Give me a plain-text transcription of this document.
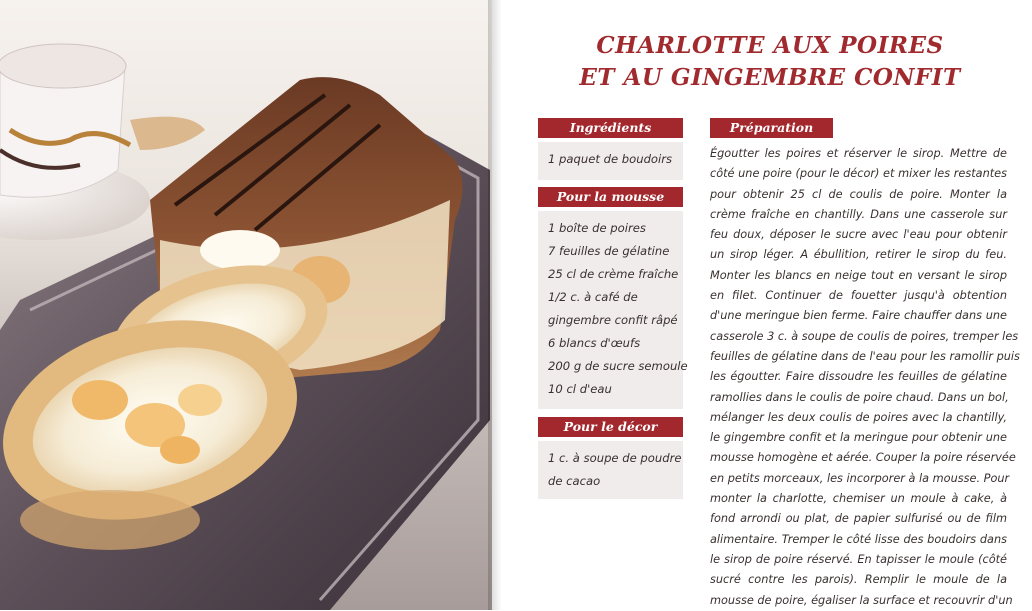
CHARLOTTE AUX POIRES
ET AU GINGEMBRE CONFIT
Ingrédients
1 paquet de boudoirs
Pour la mousse
1 boîte de poires
7 feuilles de gélatine
25 cl de crème fraîche
1/2 c. à café de
gingembre confit râpé
6 blancs d'œufs
200 g de sucre semoule
10 cl d'eau
Pour le décor
1 c. à soupe de poudre
de cacao
Préparation
Égoutter les poires et réserver le sirop. Mettre de
côté une poire (pour le décor) et mixer les restantes
pour obtenir 25 cl de coulis de poire. Monter la
crème fraîche en chantilly. Dans une casserole sur
feu doux, déposer le sucre avec l'eau pour obtenir
un sirop léger. A ébullition, retirer le sirop du feu.
Monter les blancs en neige tout en versant le sirop
en filet. Continuer de fouetter jusqu'à obtention
d'une meringue bien ferme. Faire chauffer dans une
casserole 3 c. à soupe de coulis de poires, tremper les
feuilles de gélatine dans de l'eau pour les ramollir puis
les égoutter. Faire dissoudre les feuilles de gélatine
ramollies dans le coulis de poire chaud. Dans un bol,
mélanger les deux coulis de poires avec la chantilly,
le gingembre confit et la meringue pour obtenir une
mousse homogène et aérée. Couper la poire réservée
en petits morceaux, les incorporer à la mousse. Pour
monter la charlotte, chemiser un moule à cake, à
fond arrondi ou plat, de papier sulfurisé ou de film
alimentaire. Tremper le côté lisse des boudoirs dans
le sirop de poire réservé. En tapisser le moule (côté
sucré contre les parois). Remplir le moule de la
mousse de poire, égaliser la surface et recouvrir d'un
